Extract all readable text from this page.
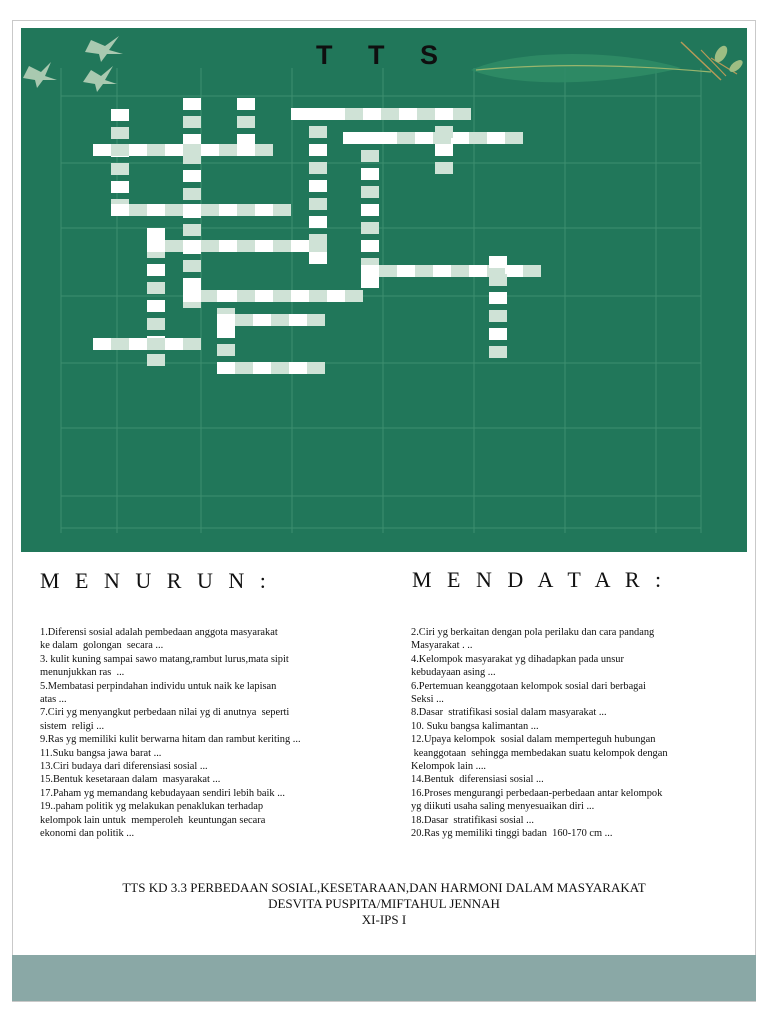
T T S
M E N U R U N :	M E N D A T A R :
1.Diferensi sosial adalah pembedaan anggota masyarakat
ke dalam  golongan  secara ...
3. kulit kuning sampai sawo matang,rambut lurus,mata sipit
menunjukkan ras  ...
5.Membatasi perpindahan individu untuk naik ke lapisan
atas ...
7.Ciri yg menyangkut perbedaan nilai yg di anutnya  seperti
sistem  religi ...
9.Ras yg memiliki kulit berwarna hitam dan rambut keriting ...
11.Suku bangsa jawa barat ...
13.Ciri budaya dari diferensiasi sosial ...
15.Bentuk kesetaraan dalam  masyarakat ...
17.Paham yg memandang kebudayaan sendiri lebih baik ...
19..paham politik yg melakukan penaklukan terhadap
kelompok lain untuk  memperoleh  keuntungan secara
ekonomi dan politik ...
2.Ciri yg berkaitan dengan pola perilaku dan cara pandang
Masyarakat . ..
4.Kelompok masyarakat yg dihadapkan pada unsur
kebudayaan asing ...
6.Pertemuan keanggotaan kelompok sosial dari berbagai
Seksi ...
8.Dasar  stratifikasi sosial dalam masyarakat ...
10. Suku bangsa kalimantan ...
12.Upaya kelompok  sosial dalam memperteguh hubungan
keanggotaan  sehingga membedakan suatu kelompok dengan
Kelompok lain ....
14.Bentuk  diferensiasi sosial ...
16.Proses mengurangi perbedaan-perbedaan antar kelompok
yg diikuti usaha saling menyesuaikan diri ...
18.Dasar  stratifikasi sosial ...
20.Ras yg memiliki tinggi badan  160-170 cm ...
TTS KD 3.3 PERBEDAAN SOSIAL,KESETARAAN,DAN HARMONI DALAM MASYARAKAT
DESVITA PUSPITA/MIFTAHUL JENNAH
XI-IPS I
